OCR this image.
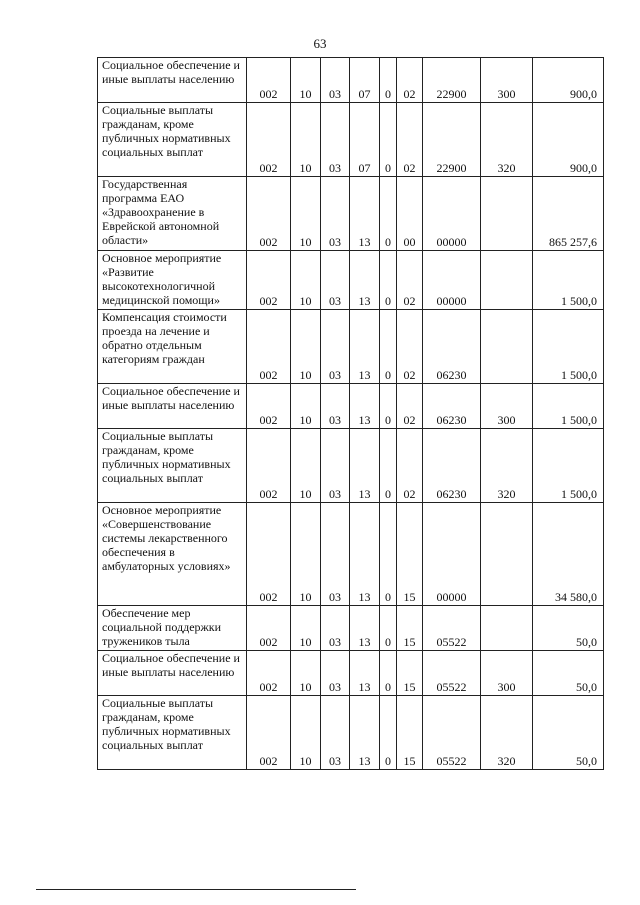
63
Социальное обеспечение и иные выплаты населению	002	10	03	07	0	02	22900	300	900,0
Социальные выплаты гражданам, кроме публичных нормативных социальных выплат	002	10	03	07	0	02	22900	320	900,0
Государственная программа ЕАО «Здравоохранение в Еврейской автономной области»	002	10	03	13	0	00	00000		865 257,6
Основное мероприятие «Развитие высокотехнологичной медицинской помощи»	002	10	03	13	0	02	00000		1 500,0
Компенсация стоимости проезда на лечение и обратно отдельным категориям граждан	002	10	03	13	0	02	06230		1 500,0
Социальное обеспечение и иные выплаты населению	002	10	03	13	0	02	06230	300	1 500,0
Социальные выплаты гражданам, кроме публичных нормативных социальных выплат	002	10	03	13	0	02	06230	320	1 500,0
Основное мероприятие «Совершенствование системы лекарственного обеспечения в амбулаторных условиях»	002	10	03	13	0	15	00000		34 580,0
Обеспечение мер социальной поддержки тружеников тыла	002	10	03	13	0	15	05522		50,0
Социальное обеспечение и иные выплаты населению	002	10	03	13	0	15	05522	300	50,0
Социальные выплаты гражданам, кроме публичных нормативных социальных выплат	002	10	03	13	0	15	05522	320	50,0
